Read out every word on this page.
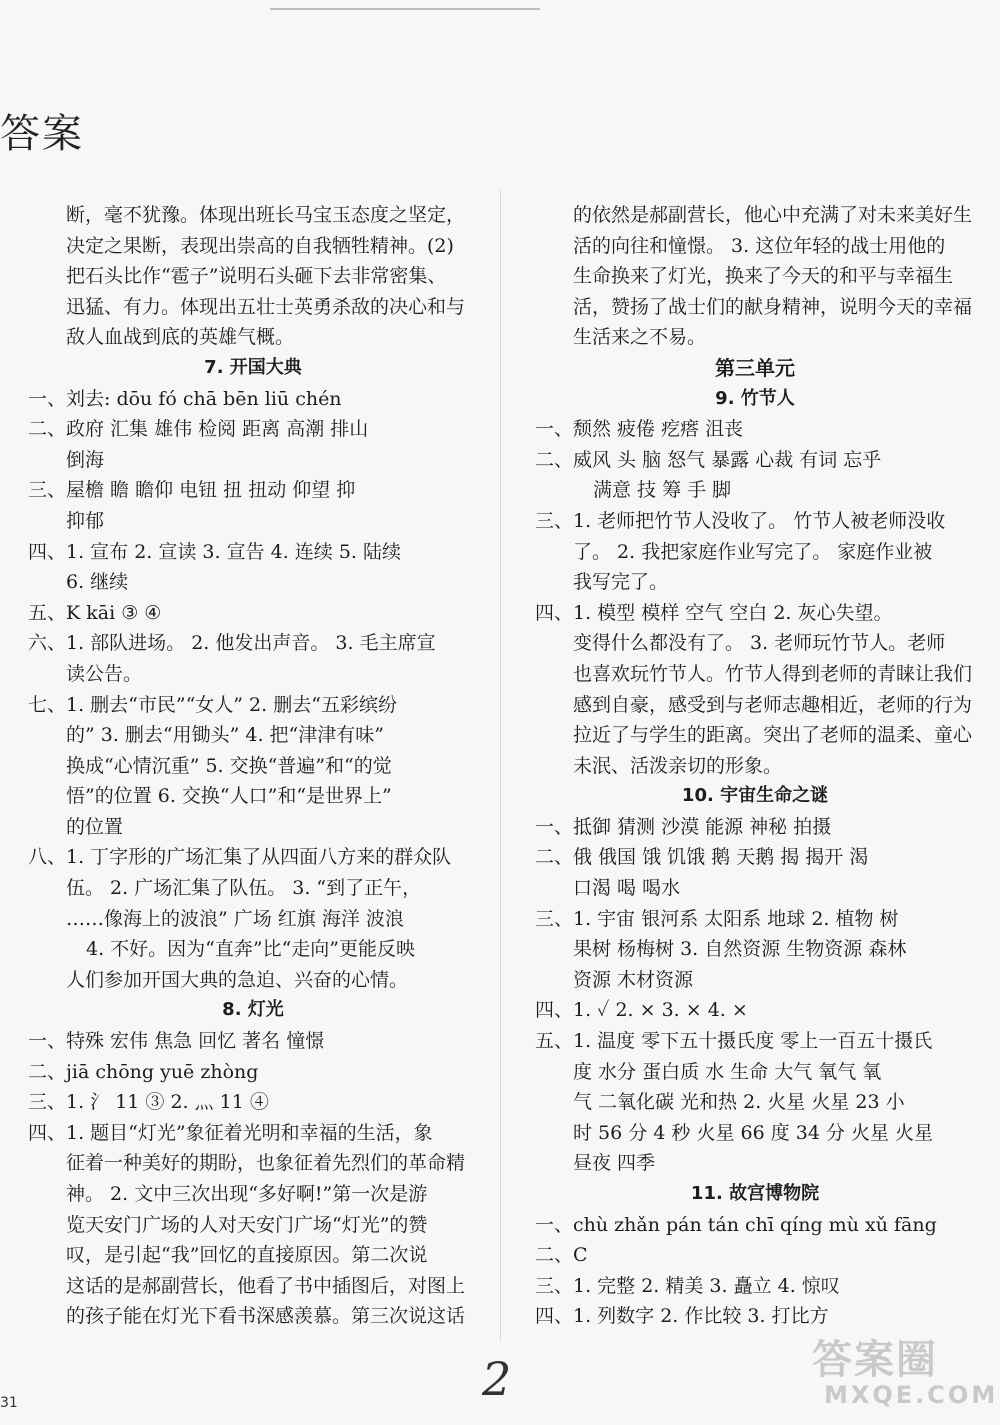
答案
断，毫不犹豫。体现出班长马宝玉态度之坚定，
决定之果断，表现出崇高的自我牺牲精神。(2)
把石头比作“雹子”说明石头砸下去非常密集、
迅猛、有力。体现出五壮士英勇杀敌的决心和与
敌人血战到底的英雄气概。
7. 开国大典
一、刘去: dōu fó chā bēn liū chén
二、政府 汇集 雄伟 检阅 距离 高潮 排山
倒海
三、屋檐 瞻 瞻仰 电钮 扭 扭动 仰望 抑
抑郁
四、1. 宣布 2. 宣读 3. 宣告 4. 连续 5. 陆续
6. 继续
五、K kāi ③ ④
六、1. 部队进场。 2. 他发出声音。 3. 毛主席宣
读公告。
七、1. 删去“市民”“女人” 2. 删去“五彩缤纷
的” 3. 删去“用锄头” 4. 把“津津有味”
换成“心情沉重” 5. 交换“普遍”和“的觉
悟”的位置 6. 交换“人口”和“是世界上”
的位置
八、1. 丁字形的广场汇集了从四面八方来的群众队
伍。 2. 广场汇集了队伍。 3. “到了正午，
……像海上的波浪” 广场 红旗 海洋 波浪
4. 不好。因为“直奔”比“走向”更能反映
人们参加开国大典的急迫、兴奋的心情。
8. 灯光
一、特殊 宏伟 焦急 回忆 著名 憧憬
二、jiā chōng yuē zhòng
三、1. 氵 11 ③ 2. 灬 11 ④
四、1. 题目“灯光”象征着光明和幸福的生活，象
征着一种美好的期盼，也象征着先烈们的革命精
神。 2. 文中三次出现“多好啊!”第一次是游
览天安门广场的人对天安门广场“灯光”的赞
叹，是引起“我”回忆的直接原因。第二次说
这话的是郝副营长，他看了书中插图后，对图上
的孩子能在灯光下看书深感羡慕。第三次说这话
的依然是郝副营长，他心中充满了对未来美好生
活的向往和憧憬。 3. 这位年轻的战士用他的
生命换来了灯光，换来了今天的和平与幸福生
活，赞扬了战士们的献身精神，说明今天的幸福
生活来之不易。
第三单元
9. 竹节人
一、颓然 疲倦 疙瘩 沮丧
二、威风 头 脑 怒气 暴露 心裁 有词 忘乎
满意 技 筹 手 脚
三、1. 老师把竹节人没收了。 竹节人被老师没收
了。 2. 我把家庭作业写完了。 家庭作业被
我写完了。
四、1. 模型 模样 空气 空白 2. 灰心失望。
变得什么都没有了。 3. 老师玩竹节人。老师
也喜欢玩竹节人。竹节人得到老师的青睐让我们
感到自豪，感受到与老师志趣相近，老师的行为
拉近了与学生的距离。突出了老师的温柔、童心
未泯、活泼亲切的形象。
10. 宇宙生命之谜
一、抵御 猜测 沙漠 能源 神秘 拍摄
二、俄 俄国 饿 饥饿 鹅 天鹅 揭 揭开 渴
口渴 喝 喝水
三、1. 宇宙 银河系 太阳系 地球 2. 植物 树
果树 杨梅树 3. 自然资源 生物资源 森林
资源 木材资源
四、1. ✓ 2. × 3. × 4. ×
五、1. 温度 零下五十摄氏度 零上一百五十摄氏
度 水分 蛋白质 水 生命 大气 氧气 氧
气 二氧化碳 光和热 2. 火星 火星 23 小
时 56 分 4 秒 火星 66 度 34 分 火星 火星
昼夜 四季
11. 故宫博物院
一、chù zhǎn pán tán chī qíng mù xǔ fāng
二、C
三、1. 完整 2. 精美 3. 矗立 4. 惊叹
四、1. 列数字 2. 作比较 3. 打比方
31	2	答案圈
MXQE.COM
